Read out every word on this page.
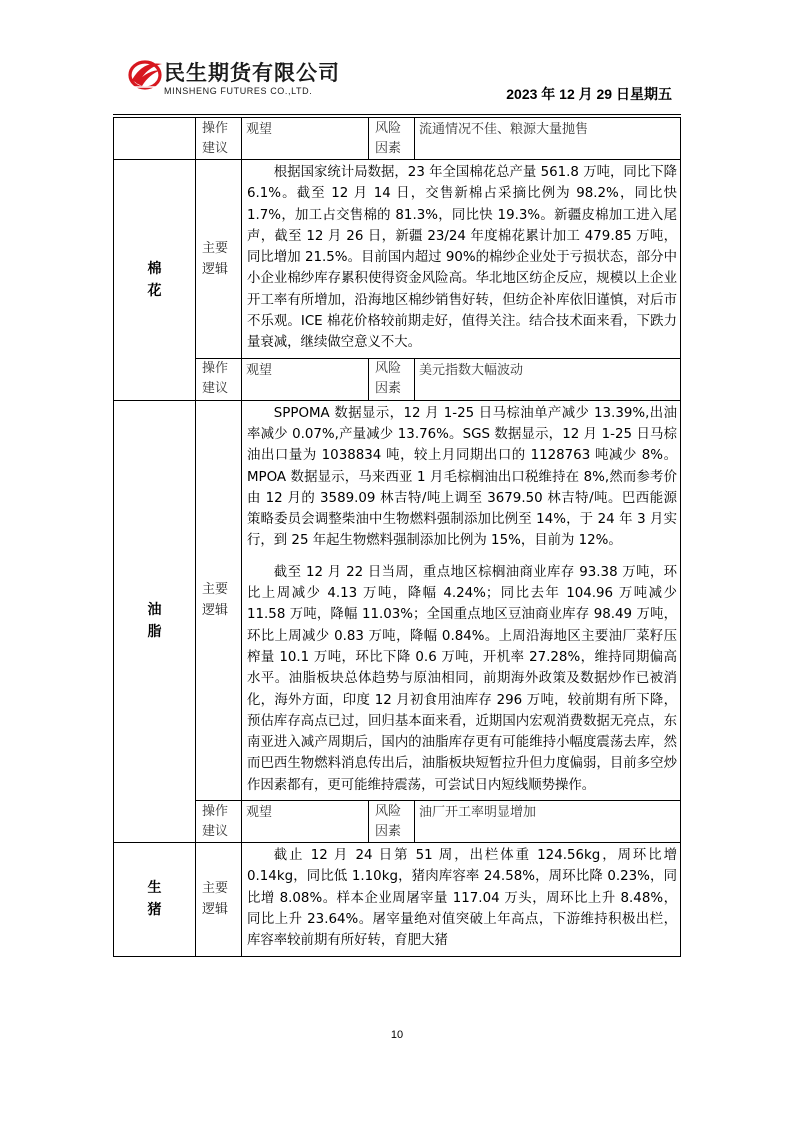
民生期货有限公司
MINSHENG FUTURES CO.,LTD.	2023 年 12 月 29 日星期五
	操作建议	观望	风险因素	流通情况不佳、粮源大量抛售
棉花	主要逻辑	根据国家统计局数据，23 年全国棉花总产量 561.8 万吨，同比下降 6.1%。截至 12 月 14 日，交售新棉占采摘比例为 98.2%，同比快 1.7%，加工占交售棉的 81.3%，同比快 19.3%。新疆皮棉加工进入尾声，截至 12 月 26 日，新疆 23/24 年度棉花累计加工 479.85 万吨，同比增加 21.5%。目前国内超过 90%的棉纱企业处于亏损状态，部分中小企业棉纱库存累积使得资金风险高。华北地区纺企反应，规模以上企业开工率有所增加，沿海地区棉纱销售好转，但纺企补库依旧谨慎，对后市不乐观。ICE 棉花价格较前期走好，值得关注。结合技术面来看，下跌力量衰减，继续做空意义不大。		

	操作建议	观望	风险因素	美元指数大幅波动
油脂	主要逻辑	SPPOMA 数据显示，12 月 1-25 日马棕油单产减少 13.39%,出油率减少 0.07%,产量减少 13.76%。SGS 数据显示，12 月 1-25 日马棕油出口量为 1038834 吨，较上月同期出口的 1128763 吨减少 8%。MPOA 数据显示，马来西亚 1 月毛棕榈油出口税维持在 8%,然而参考价由 12 月的 3589.09 林吉特/吨上调至 3679.50 林吉特/吨。巴西能源策略委员会调整柴油中生物燃料强制添加比例至 14%，于 24 年 3 月实行，到 25 年起生物燃料强制添加比例为 15%，目前为 12%。

截至 12 月 22 日当周，重点地区棕榈油商业库存 93.38 万吨，环比上周减少 4.13 万吨，降幅 4.24%；同比去年 104.96 万吨减少 11.58 万吨，降幅 11.03%；全国重点地区豆油商业库存 98.49 万吨，环比上周减少 0.83 万吨，降幅 0.84%。上周沿海地区主要油厂菜籽压榨量 10.1 万吨，环比下降 0.6 万吨，开机率 27.28%，维持同期偏高水平。油脂板块总体趋势与原油相同，前期海外政策及数据炒作已被消化，海外方面，印度 12 月初食用油库存 296 万吨，较前期有所下降，预估库存高点已过，回归基本面来看，近期国内宏观消费数据无亮点，东南亚进入减产周期后，国内的油脂库存更有可能维持小幅度震荡去库，然而巴西生物燃料消息传出后，油脂板块短暂拉升但力度偏弱，目前多空炒作因素都有，更可能维持震荡，可尝试日内短线顺势操作。		

	操作建议	观望	风险因素	油厂开工率明显增加
生猪	主要逻辑	截止 12 月 24 日第 51 周，出栏体重 124.56kg，周环比增 0.14kg，同比低 1.10kg，猪肉库容率 24.58%，周环比降 0.23%，同比增 8.08%。样本企业周屠宰量 117.04 万头，周环比上升 8.48%，同比上升 23.64%。屠宰量绝对值突破上年高点，下游维持积极出栏，库容率较前期有所好转，育肥大猪		

10
